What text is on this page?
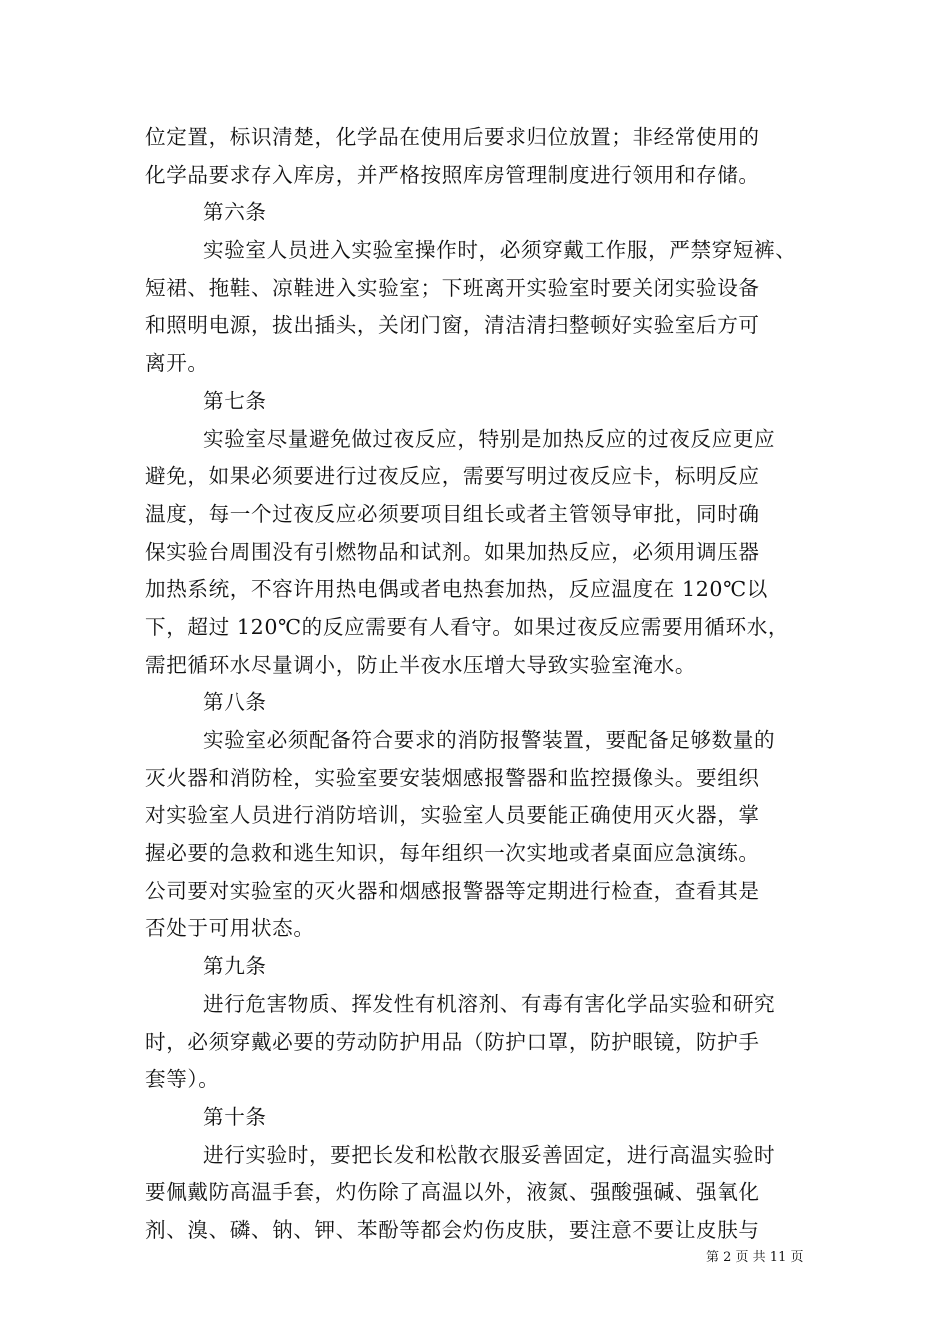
位定置，标识清楚，化学品在使用后要求归位放置；非经常使用的
化学品要求存入库房，并严格按照库房管理制度进行领用和存储。
第六条
实验室人员进入实验室操作时，必须穿戴工作服，严禁穿短裤、
短裙、拖鞋、凉鞋进入实验室；下班离开实验室时要关闭实验设备
和照明电源，拔出插头，关闭门窗，清洁清扫整顿好实验室后方可
离开。
第七条
实验室尽量避免做过夜反应，特别是加热反应的过夜反应更应
避免，如果必须要进行过夜反应，需要写明过夜反应卡，标明反应
温度，每一个过夜反应必须要项目组长或者主管领导审批，同时确
保实验台周围没有引燃物品和试剂。如果加热反应，必须用调压器
加热系统，不容许用热电偶或者电热套加热，反应温度在 120℃以
下，超过 120℃的反应需要有人看守。如果过夜反应需要用循环水，
需把循环水尽量调小，防止半夜水压增大导致实验室淹水。
第八条
实验室必须配备符合要求的消防报警装置，要配备足够数量的
灭火器和消防栓，实验室要安装烟感报警器和监控摄像头。要组织
对实验室人员进行消防培训，实验室人员要能正确使用灭火器，掌
握必要的急救和逃生知识，每年组织一次实地或者桌面应急演练。
公司要对实验室的灭火器和烟感报警器等定期进行检查，查看其是
否处于可用状态。
第九条
进行危害物质、挥发性有机溶剂、有毒有害化学品实验和研究
时，必须穿戴必要的劳动防护用品（防护口罩，防护眼镜，防护手
套等）。
第十条
进行实验时，要把长发和松散衣服妥善固定，进行高温实验时
要佩戴防高温手套，灼伤除了高温以外，液氮、强酸强碱、强氧化
剂、溴、磷、钠、钾、苯酚等都会灼伤皮肤，要注意不要让皮肤与
第 2 页 共 11 页
